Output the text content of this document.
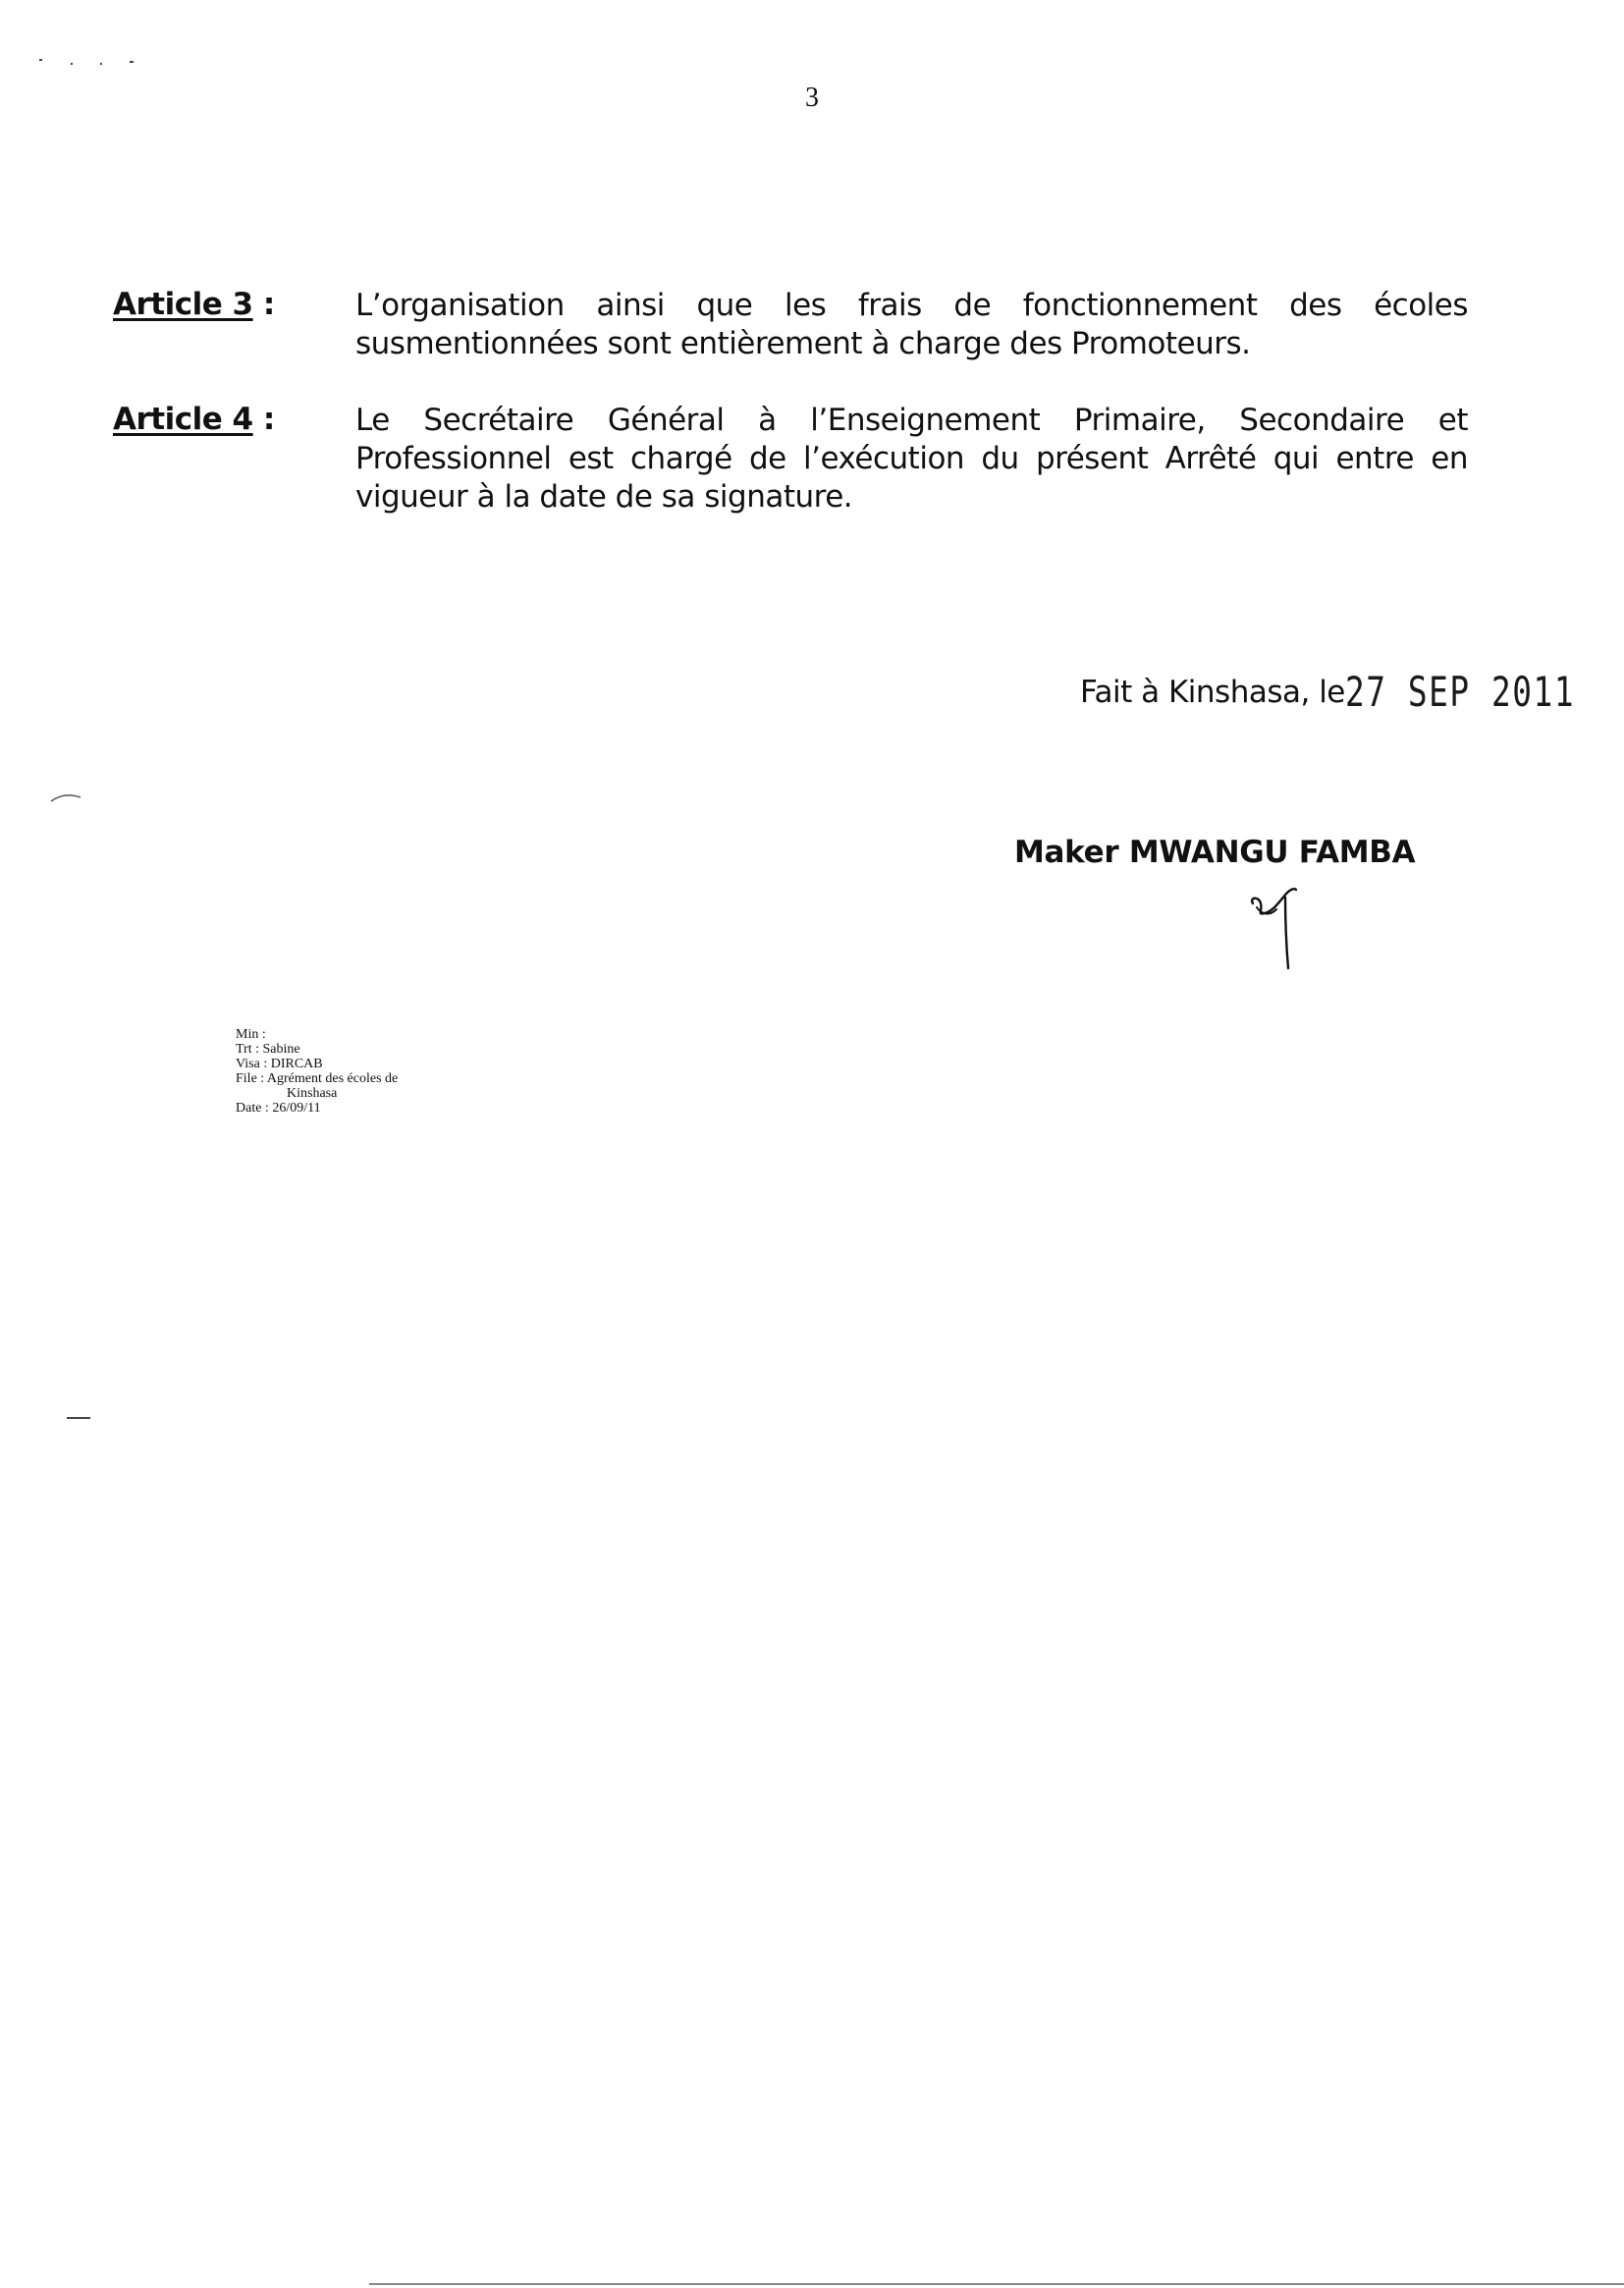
3
Article 3 :	L’organisation ainsi que les frais de fonctionnement des écoles
susmentionnées sont entièrement à charge des Promoteurs.
Article 4 :	Le Secrétaire Général à l’Enseignement Primaire, Secondaire et
Professionnel est chargé de l’exécution du présent Arrêté qui entre en
vigueur à la date de sa signature.
Fait à Kinshasa, le27 SEP 2011
Maker MWANGU FAMBA
Min :
Trt : Sabine
Visa : DIRCAB
File : Agrément des écoles de
Kinshasa
Date : 26/09/11
